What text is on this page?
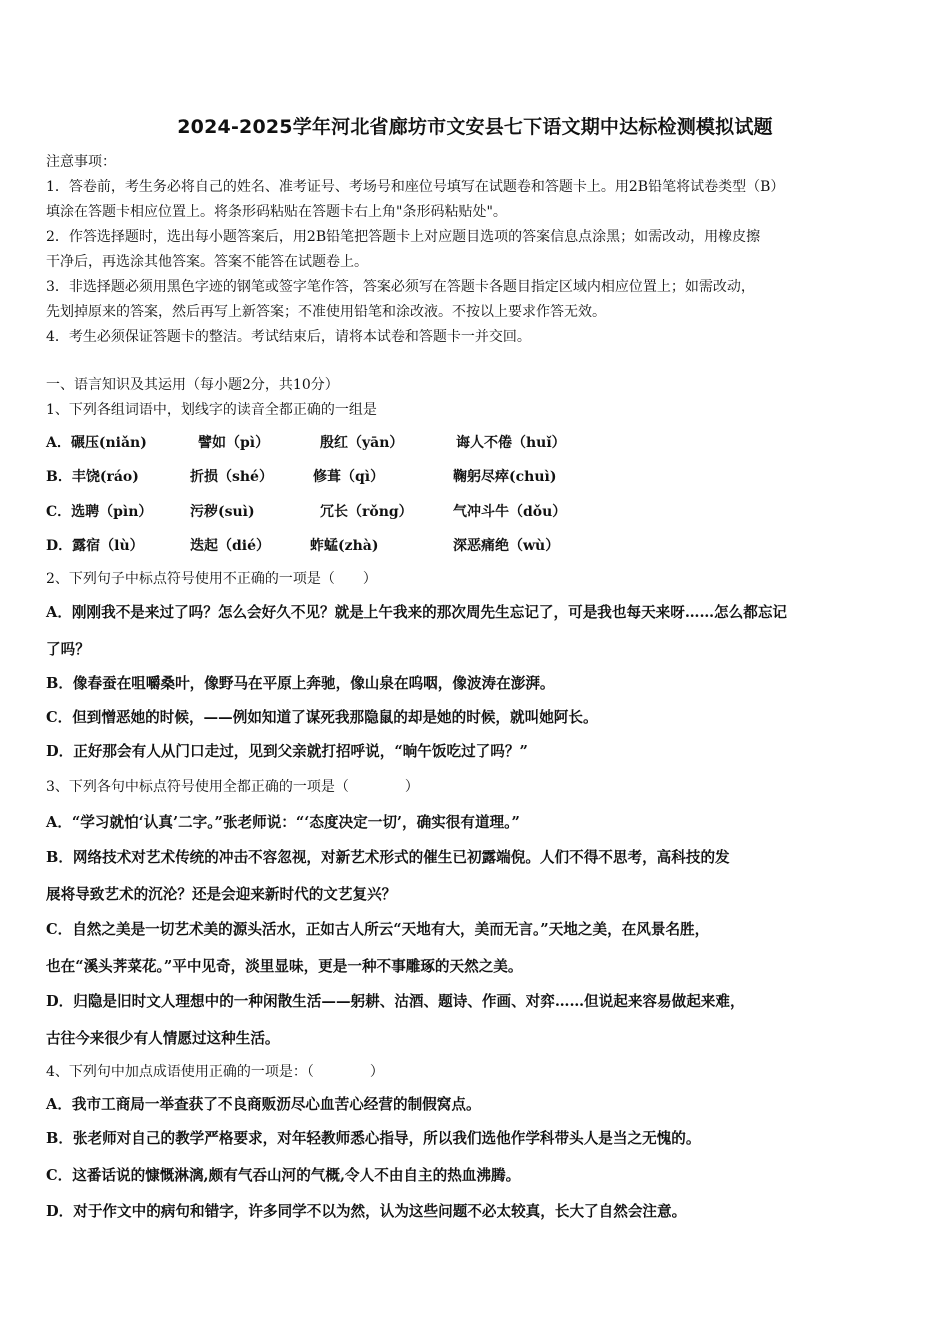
2024-2025学年河北省廊坊市文安县七下语文期中达标检测模拟试题
注意事项：
1．答卷前，考生务必将自己的姓名、准考证号、考场号和座位号填写在试题卷和答题卡上。用2B铅笔将试卷类型（B）
填涂在答题卡相应位置上。将条形码粘贴在答题卡右上角"条形码粘贴处"。
2．作答选择题时，选出每小题答案后，用2B铅笔把答题卡上对应题目选项的答案信息点涂黑；如需改动，用橡皮擦
干净后，再选涂其他答案。答案不能答在试题卷上。
3．非选择题必须用黑色字迹的钢笔或签字笔作答，答案必须写在答题卡各题目指定区域内相应位置上；如需改动，
先划掉原来的答案，然后再写上新答案；不准使用铅笔和涂改液。不按以上要求作答无效。
4．考生必须保证答题卡的整洁。考试结束后，请将本试卷和答题卡一并交回。
一、语言知识及其运用（每小题2分，共10分）
1、下列各组词语中，划线字的读音全都正确的一组是
A．碾压(niǎn)	譬如（pì）	殷红（yān）	诲人不倦（huǐ）
B．丰饶(ráo)	折损（shé）	修葺（qì）	鞠躬尽瘁(chuì)
C．选聘（pìn）	污秽(suì)	冗长（rǒng）	气冲斗牛（dǒu）
D．露宿（lù）	迭起（dié）	蚱蜢(zhà)	深恶痛绝（wù）
2、下列句子中标点符号使用不正确的一项是（　　）
A．刚刚我不是来过了吗？怎么会好久不见？就是上午我来的那次周先生忘记了，可是我也每天来呀……怎么都忘记
了吗？
B．像春蚕在咀嚼桑叶，像野马在平原上奔驰，像山泉在呜咽，像波涛在澎湃。
C．但到憎恶她的时候，——例如知道了谋死我那隐鼠的却是她的时候，就叫她阿长。
D．正好那会有人从门口走过，见到父亲就打招呼说，“晌午饭吃过了吗？”
3、下列各句中标点符号使用全都正确的一项是（　　　　）
A．“学习就怕‘认真’二字。”张老师说：“‘态度决定一切’，确实很有道理。”
B．网络技术对艺术传统的冲击不容忽视，对新艺术形式的催生已初露端倪。人们不得不思考，高科技的发
展将导致艺术的沉沦？还是会迎来新时代的文艺复兴？
C．自然之美是一切艺术美的源头活水，正如古人所云“天地有大，美而无言。”天地之美，在风景名胜，
也在“溪头荠菜花。”平中见奇，淡里显味，更是一种不事雕琢的天然之美。
D．归隐是旧时文人理想中的一种闲散生活——躬耕、沽酒、题诗、作画、对弈……但说起来容易做起来难，
古往今来很少有人情愿过这种生活。
4、下列句中加点成语使用正确的一项是：（　　　　）
A．我市工商局一举查获了不良商贩沥尽心血苦心经营的制假窝点。
B．张老师对自己的教学严格要求，对年轻教师悉心指导，所以我们选他作学科带头人是当之无愧的。
C．这番话说的慷慨淋漓,颇有气吞山河的气概,令人不由自主的热血沸腾。
D．对于作文中的病句和错字，许多同学不以为然，认为这些问题不必太较真，长大了自然会注意。
